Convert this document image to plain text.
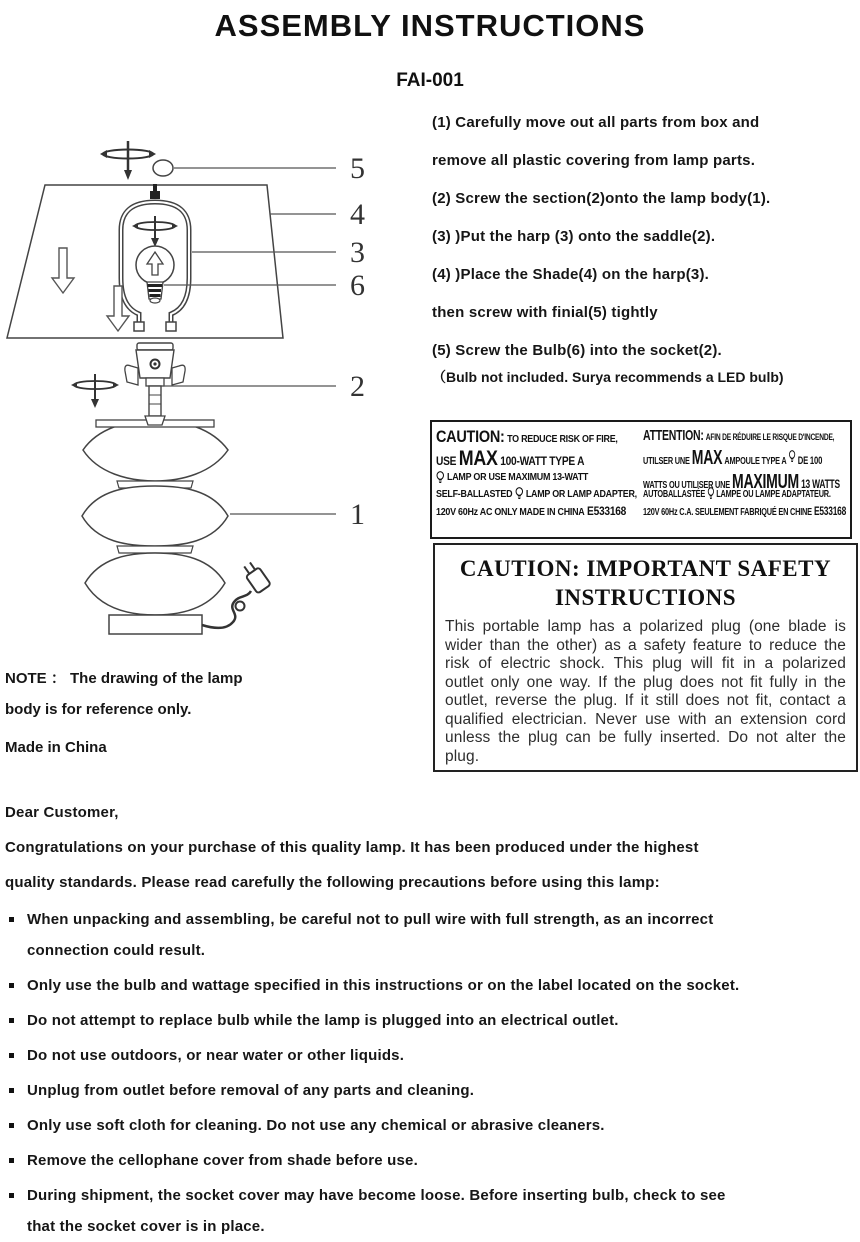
ASSEMBLY INSTRUCTIONS
FAI-001
5
4
3
6
2
1
(1) Carefully move out all parts from box and
remove all plastic covering from lamp parts.
(2) Screw the section(2)onto the lamp body(1).
(3) )Put the harp (3) onto the saddle(2).
(4) )Place the Shade(4) on the harp(3).
then screw with finial(5) tightly
(5) Screw the Bulb(6) into the socket(2).
（Bulb not included. Surya recommends a LED bulb)
CAUTION: TO REDUCE RISK OF FIRE,
USE MAX 100-WATT TYPE A
LAMP OR USE MAXIMUM 13-WATT
SELF-BALLASTED LAMP OR LAMP ADAPTER,
120V 60Hz AC ONLY MADE IN CHINA E533168
ATTENTION: AFIN DE RÉDUIRE LE RISQUE D'INCENDE,
UTILSER UNE MAX AMPOULE TYPE A DE 100
WATTS OU UTILISER UNE MAXIMUM 13 WATTS
AUTOBALLASTÉE LAMPE OU LAMPE ADAPTATEUR.
120V 60Hz C.A. SEULEMENT FABRIQUÉ EN CHINE E533168
CAUTION: IMPORTANT SAFETY
INSTRUCTIONS

This portable lamp has a polarized plug (one blade is wider than the other) as a safety feature to reduce the risk of electric shock. This plug will fit in a polarized outlet only one way. If the plug does not fit fully in the outlet, reverse the plug. If it still does not fit, contact a qualified electrician. Never use with an extension cord unless the plug can be fully inserted. Do not alter the plug.

NOTE ： The drawing of the lamp
body is for reference only.
Made in China
Dear Customer,
Congratulations on your purchase of this quality lamp. It has been produced under the highest
quality standards. Please read carefully the following precautions before using this lamp:
When unpacking and assembling, be careful not to pull wire with full strength, as an incorrect
connection could result.
Only use the bulb and wattage specified in this instructions or on the label located on the socket.
Do not attempt to replace bulb while the lamp is plugged into an electrical outlet.
Do not use outdoors, or near water or other liquids.
Unplug from outlet before removal of any parts and cleaning.
Only use soft cloth for cleaning. Do not use any chemical or abrasive cleaners.
Remove the cellophane cover from shade before use.
During shipment, the socket cover may have become loose. Before inserting bulb, check to see
that the socket cover is in place.
